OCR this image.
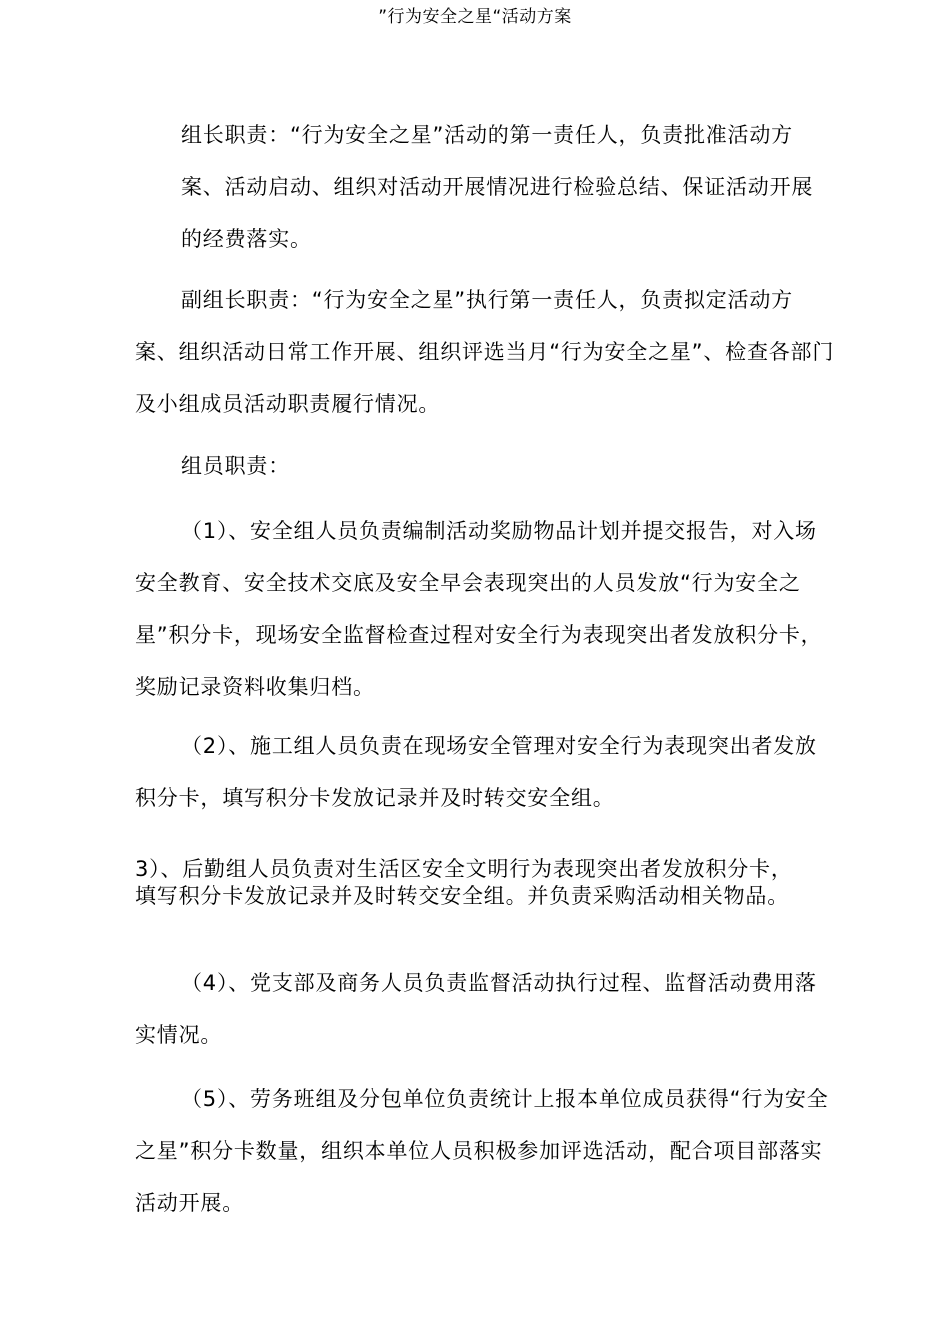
”行为安全之星“活动方案

组长职责：“行为安全之星”活动的第一责任人，负责批准活动方案、活动启动、组织对活动开展情况进行检验总结、保证活动开展的经费落实。

副组长职责：“行为安全之星”执行第一责任人，负责拟定活动方案、组织活动日常工作开展、组织评选当月“行为安全之星”、检查各部门及小组成员活动职责履行情况。

组员职责：

（1）、安全组人员负责编制活动奖励物品计划并提交报告，对入场安全教育、安全技术交底及安全早会表现突出的人员发放“行为安全之星”积分卡，现场安全监督检查过程对安全行为表现突出者发放积分卡，奖励记录资料收集归档。

（2）、施工组人员负责在现场安全管理对安全行为表现突出者发放积分卡，填写积分卡发放记录并及时转交安全组。

3）、后勤组人员负责对生活区安全文明行为表现突出者发放积分卡，填写积分卡发放记录并及时转交安全组。并负责采购活动相关物品。

（4）、党支部及商务人员负责监督活动执行过程、监督活动费用落实情况。

（5）、劳务班组及分包单位负责统计上报本单位成员获得“行为安全之星”积分卡数量，组织本单位人员积极参加评选活动，配合项目部落实活动开展。
